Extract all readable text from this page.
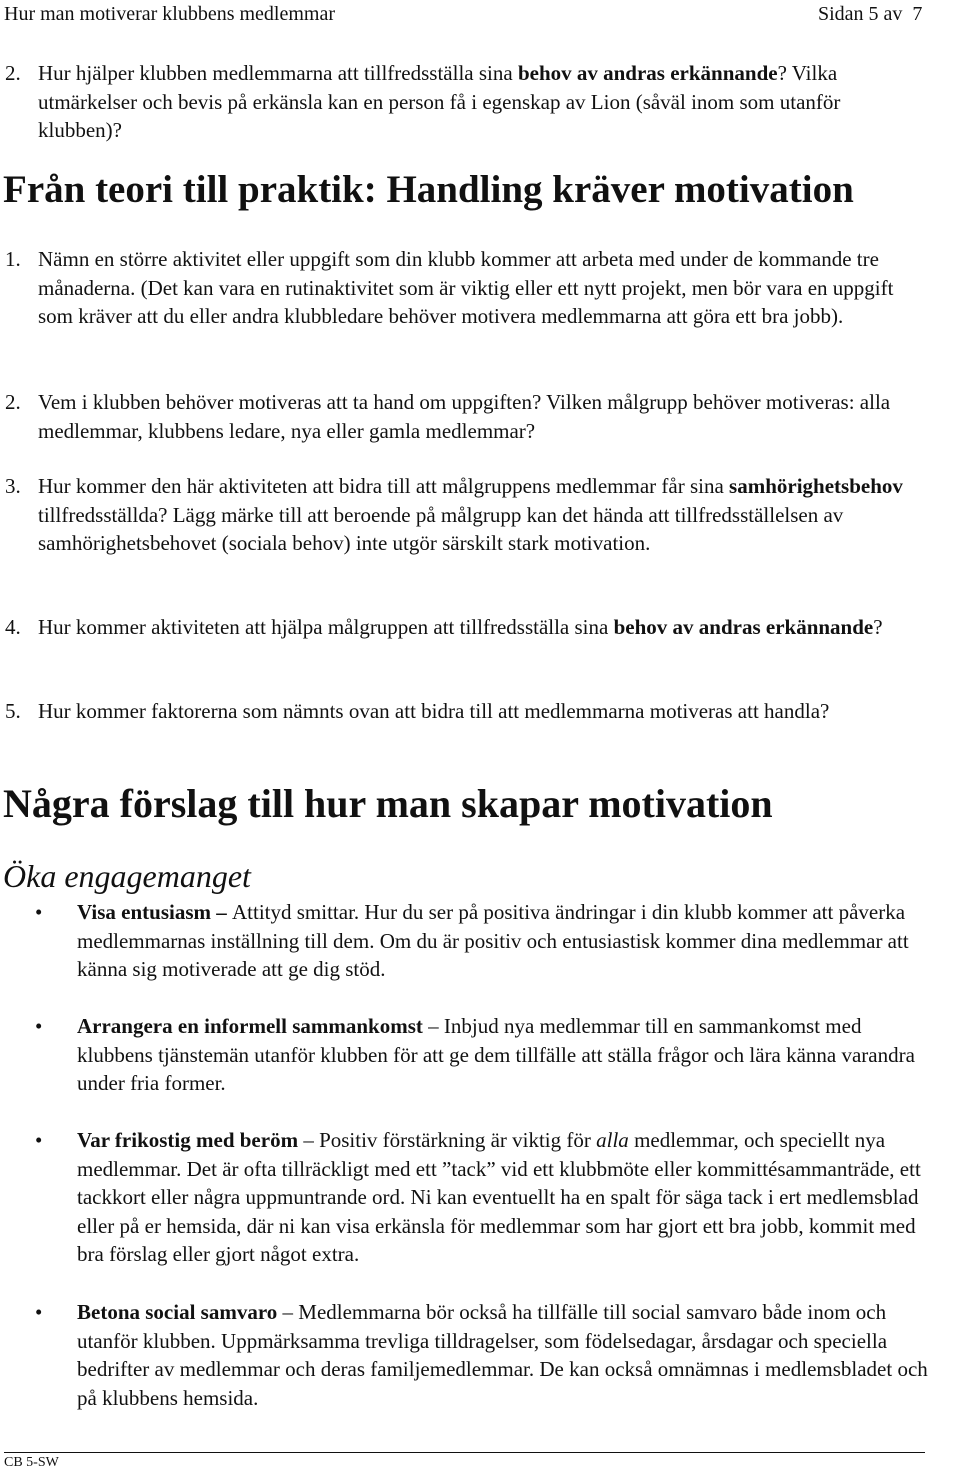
Hur man motiverar klubbens medlemmar	Sidan 5 av  7
2. Hur hjälper klubben medlemmarna att tillfredsställa sina behov av andras erkännande? Vilka utmärkelser och bevis på erkänsla kan en person få i egenskap av Lion (såväl inom som utanför klubben)?
Från teori till praktik: Handling kräver motivation
1. Nämn en större aktivitet eller uppgift som din klubb kommer att arbeta med under de kommande tre månaderna. (Det kan vara en rutinaktivitet som är viktig eller ett nytt projekt, men bör vara en uppgift som kräver att du eller andra klubbledare behöver motivera medlemmarna att göra ett bra jobb).
2. Vem i klubben behöver motiveras att ta hand om uppgiften? Vilken målgrupp behöver motiveras: alla medlemmar, klubbens ledare, nya eller gamla medlemmar?
3. Hur kommer den här aktiviteten att bidra till att målgruppens medlemmar får sina samhörighetsbehov tillfredsställda? Lägg märke till att beroende på målgrupp kan det hända att tillfredsställelsen av samhörighetsbehovet (sociala behov) inte utgör särskilt stark motivation.
4. Hur kommer aktiviteten att hjälpa målgruppen att tillfredsställa sina behov av andras erkännande?
5. Hur kommer faktorerna som nämnts ovan att bidra till att medlemmarna motiveras att handla?
Några förslag till hur man skapar motivation
Öka engagemanget
• Visa entusiasm – Attityd smittar. Hur du ser på positiva ändringar i din klubb kommer att påverka medlemmarnas inställning till dem. Om du är positiv och entusiastisk kommer dina medlemmar att känna sig motiverade att ge dig stöd.
• Arrangera en informell sammankomst – Inbjud nya medlemmar till en sammankomst med klubbens tjänstemän utanför klubben för att ge dem tillfälle att ställa frågor och lära känna varandra under fria former.
• Var frikostig med beröm – Positiv förstärkning är viktig för alla medlemmar, och speciellt nya medlemmar. Det är ofta tillräckligt med ett ”tack” vid ett klubbmöte eller kommittésammanträde, ett tackkort eller några uppmuntrande ord. Ni kan eventuellt ha en spalt för säga tack i ert medlemsblad eller på er hemsida, där ni kan visa erkänsla för medlemmar som har gjort ett bra jobb, kommit med bra förslag eller gjort något extra.
• Betona social samvaro – Medlemmarna bör också ha tillfälle till social samvaro både inom och utanför klubben. Uppmärksamma trevliga tilldragelser, som födelsedagar, årsdagar och speciella bedrifter av medlemmar och deras familjemedlemmar. De kan också omnämnas i medlemsbladet och på klubbens hemsida.
CB 5-SW
